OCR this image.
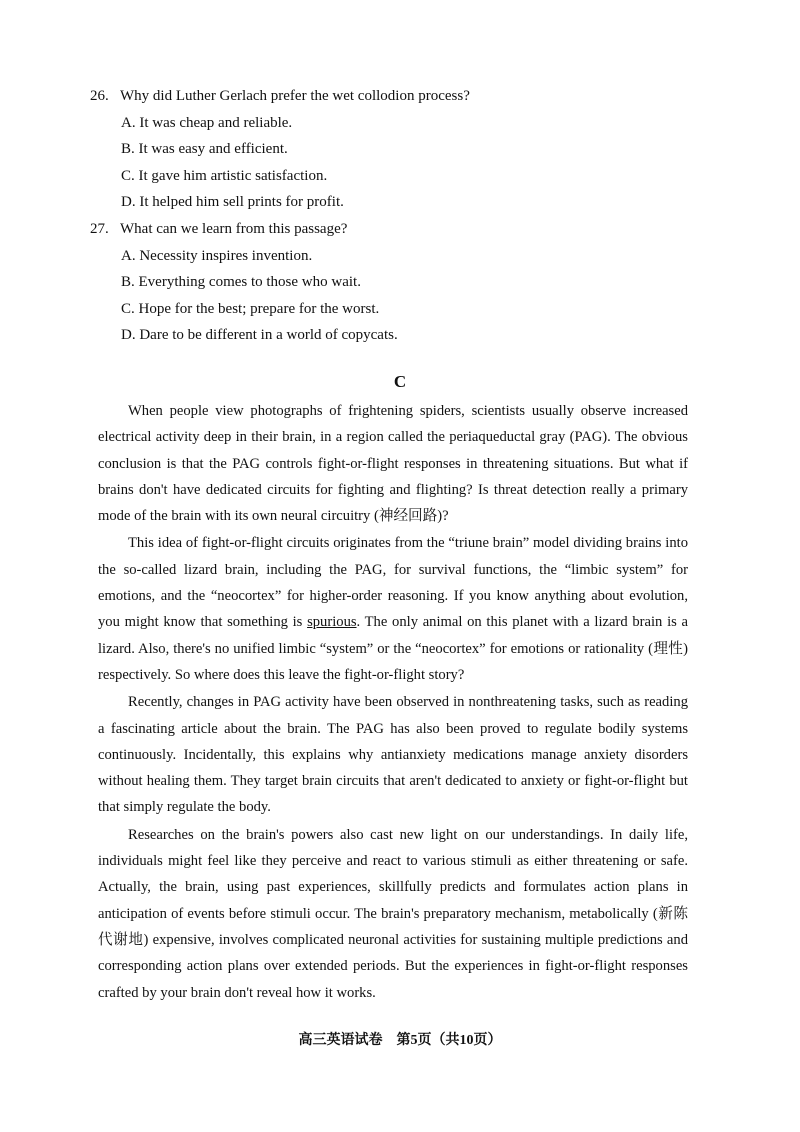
26. Why did Luther Gerlach prefer the wet collodion process?
A. It was cheap and reliable.
B. It was easy and efficient.
C. It gave him artistic satisfaction.
D. It helped him sell prints for profit.
27. What can we learn from this passage?
A. Necessity inspires invention.
B. Everything comes to those who wait.
C. Hope for the best; prepare for the worst.
D. Dare to be different in a world of copycats.
C

When people view photographs of frightening spiders, scientists usually observe increased electrical activity deep in their brain, in a region called the periaqueductal gray (PAG). The obvious conclusion is that the PAG controls fight-or-flight responses in threatening situations. But what if brains don't have dedicated circuits for fighting and flighting? Is threat detection really a primary mode of the brain with its own neural circuitry (神经回路)?

This idea of fight-or-flight circuits originates from the “triune brain” model dividing brains into the so-called lizard brain, including the PAG, for survival functions, the “limbic system” for emotions, and the “neocortex” for higher-order reasoning. If you know anything about evolution, you might know that something is spurious. The only animal on this planet with a lizard brain is a lizard. Also, there's no unified limbic “system” or the “neocortex” for emotions or rationality (理性) respectively. So where does this leave the fight-or-flight story?

Recently, changes in PAG activity have been observed in nonthreatening tasks, such as reading a fascinating article about the brain. The PAG has also been proved to regulate bodily systems continuously. Incidentally, this explains why antianxiety medications manage anxiety disorders without healing them. They target brain circuits that aren't dedicated to anxiety or fight-or-flight but that simply regulate the body.

Researches on the brain's powers also cast new light on our understandings. In daily life, individuals might feel like they perceive and react to various stimuli as either threatening or safe. Actually, the brain, using past experiences, skillfully predicts and formulates action plans in anticipation of events before stimuli occur. The brain's preparatory mechanism, metabolically (新陈代谢地) expensive, involves complicated neuronal activities for sustaining multiple predictions and corresponding action plans over extended periods. But the experiences in fight-or-flight responses crafted by your brain don't reveal how it works.

高三英语试卷　第5页（共10页）
